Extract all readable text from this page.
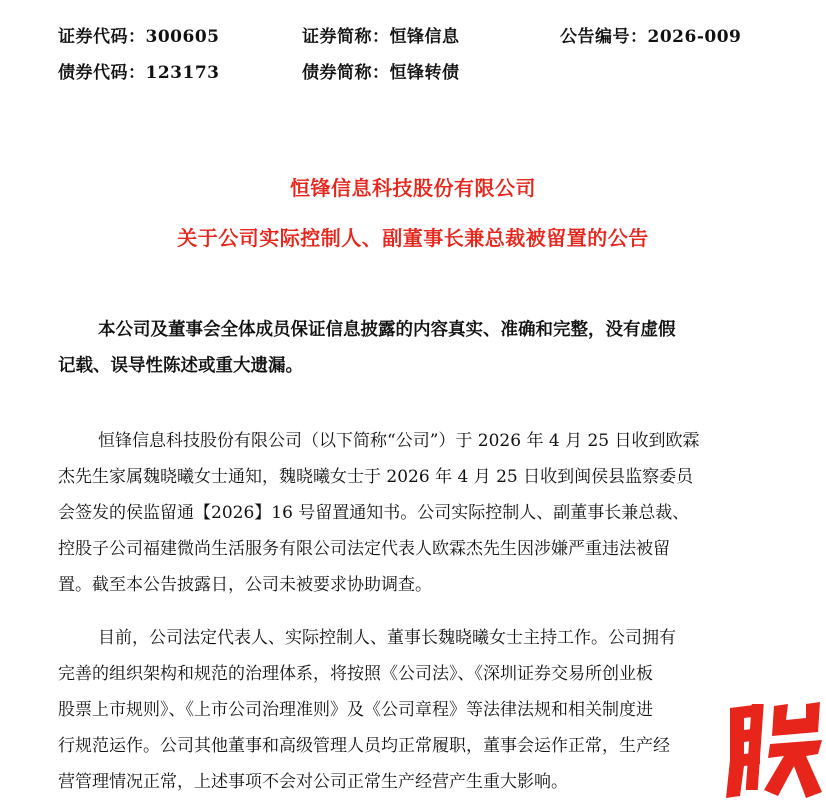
证券代码：300605	证券简称：恒锋信息	公告编号：2026-009
债券代码：123173	债券简称：恒锋转债
恒锋信息科技股份有限公司
关于公司实际控制人、副董事长兼总裁被留置的公告
本公司及董事会全体成员保证信息披露的内容真实、准确和完整，没有虚假
记载、误导性陈述或重大遗漏。
恒锋信息科技股份有限公司（以下简称“公司”）于 2026 年 4 月 25 日收到欧霖
杰先生家属魏晓曦女士通知，魏晓曦女士于 2026 年 4 月 25 日收到闽侯县监察委员
会签发的侯监留通【2026】16 号留置通知书。公司实际控制人、副董事长兼总裁、
控股子公司福建微尚生活服务有限公司法定代表人欧霖杰先生因涉嫌严重违法被留
置。截至本公告披露日，公司未被要求协助调查。
目前，公司法定代表人、实际控制人、董事长魏晓曦女士主持工作。公司拥有
完善的组织架构和规范的治理体系，将按照《公司法》、《深圳证券交易所创业板
股票上市规则》、《上市公司治理准则》及《公司章程》等法律法规和相关制度进
行规范运作。公司其他董事和高级管理人员均正常履职，董事会运作正常，生产经
营管理情况正常，上述事项不会对公司正常生产经营产生重大影响。
